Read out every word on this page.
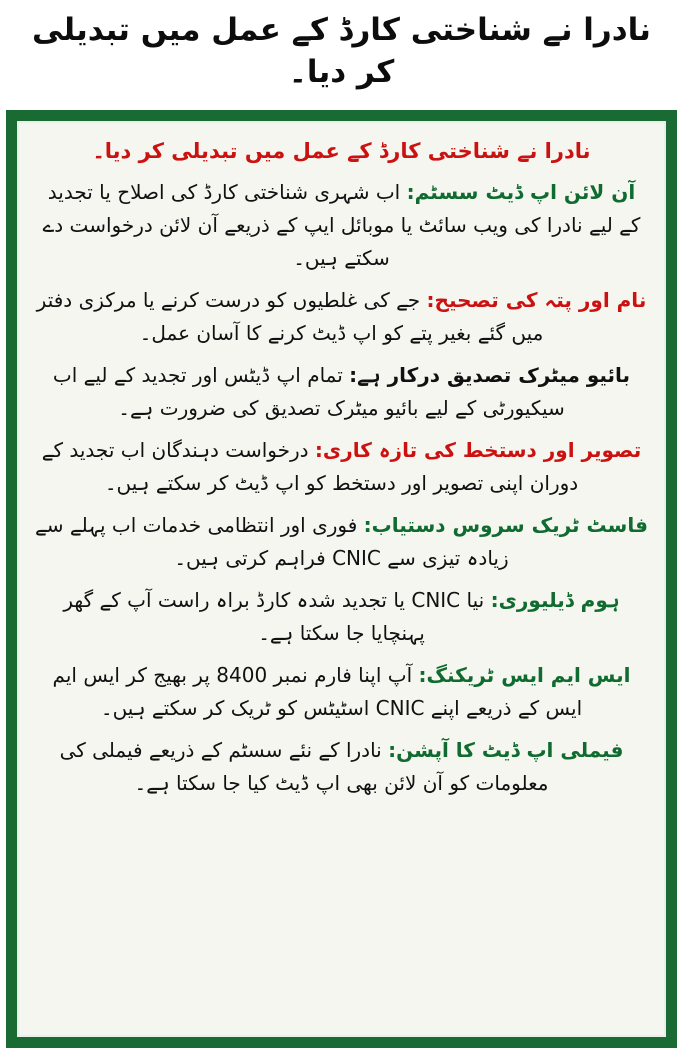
نادرا نے شناختی کارڈ کے عمل میں تبدیلی کر دیا۔
نادرا نے شناختی کارڈ کے عمل میں تبدیلی کر دیا۔
آن لائن اپ ڈیٹ سسٹم: اب شہری شناختی کارڈ کی اصلاح یا تجدید کے لیے نادرا کی ویب سائٹ یا موبائل ایپ کے ذریعے آن لائن درخواست دے سکتے ہیں۔
نام اور پتہ کی تصحیح: جے کی غلطیوں کو درست کرنے یا مرکزی دفتر میں گئے بغیر پتے کو اپ ڈیٹ کرنے کا آسان عمل۔
بائیو میٹرک تصدیق درکار ہے: تمام اپ ڈیٹس اور تجدید کے لیے اب سیکیورٹی کے لیے بائیو میٹرک تصدیق کی ضرورت ہے۔
تصویر اور دستخط کی تازہ کاری: درخواست دہندگان اب تجدید کے دوران اپنی تصویر اور دستخط کو اپ ڈیٹ کر سکتے ہیں۔
فاسٹ ٹریک سروس دستیاب: فوری اور انتظامی خدمات اب پہلے سے زیادہ تیزی سے CNIC فراہم کرتی ہیں۔
ہوم ڈیلیوری: نیا CNIC یا تجدید شدہ کارڈ براہ راست آپ کے گھر پہنچایا جا سکتا ہے۔
ایس ایم ایس ٹریکنگ: آپ اپنا فارم نمبر 8400 پر بھیج کر ایس ایم ایس کے ذریعے اپنے CNIC اسٹیٹس کو ٹریک کر سکتے ہیں۔
فیملی اپ ڈیٹ کا آپشن: نادرا کے نئے سسٹم کے ذریعے فیملی کی معلومات کو آن لائن بھی اپ ڈیٹ کیا جا سکتا ہے۔
